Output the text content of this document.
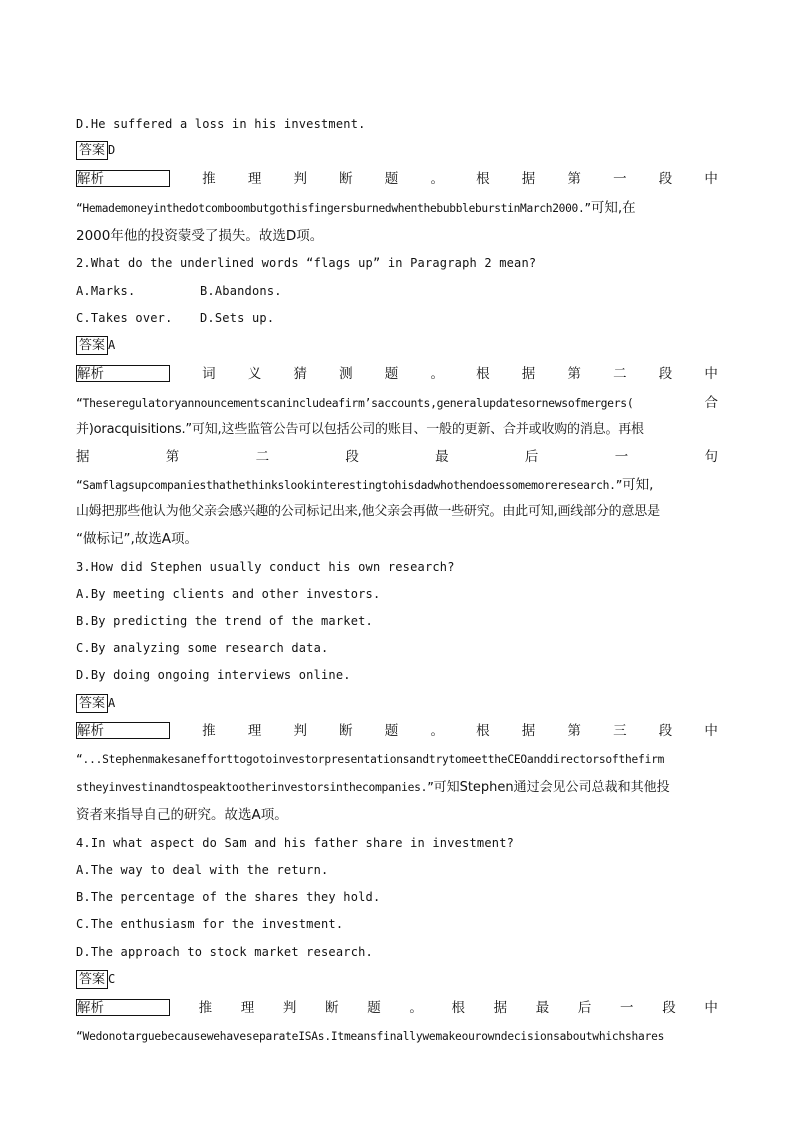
D.He suffered a loss in his investment.
答案 D
解析	推 理 判 断 题 。 根 据 第 一 段 中
“HemademoneyinthedotcomboombutgothisfingersburnedwhenthebubbleburstinMarch2000.”可知,在
2000年他的投资蒙受了损失。故选D项。
2.What do the underlined words “flags up” in Paragraph 2 mean?
A.Marks.	B.Abandons.
C.Takes over. D.Sets up.
答案 A
解析	词 义 猜 测 题 。 根 据 第 二 段 中
“Theseregulatoryannouncementscanincludeafirm’saccounts,generalupdatesornewsofmergers(	合
并)oracquisitions.”可知,这些监管公告可以包括公司的账目、一般的更新、合并或收购的消息。再根
据	第	二	段	最	后	一	句
“Samflagsupcompaniesthathethinkslookinterestingtohisdadwhothendoessomemoreresearch.”可知,
山姆把那些他认为他父亲会感兴趣的公司标记出来,他父亲会再做一些研究。由此可知,画线部分的意思是
“做标记”,故选A项。
3.How did Stephen usually conduct his own research?
A.By meeting clients and other investors.
B.By predicting the trend of the market.
C.By analyzing some research data.
D.By doing ongoing interviews online.
答案 A
解析	推 理 判 断 题 。 根 据 第 三 段 中
“...StephenmakesanefforttogotoinvestorpresentationsandtrytomeettheCEOanddirectorsofthefirm
stheyinvestinandtospeaktootherinvestorsinthecompanies.”可知Stephen通过会见公司总裁和其他投
资者来指导自己的研究。故选A项。
4.In what aspect do Sam and his father share in investment?
A.The way to deal with the return.
B.The percentage of the shares they hold.
C.The enthusiasm for the investment.
D.The approach to stock market research.
答案 C
解析	推 理 判 断 题 。 根 据 最 后 一 段 中
“WedonotarguebecausewehaveseparateISAs.Itmeansfinallywemakeourowndecisionsaboutwhichshares
